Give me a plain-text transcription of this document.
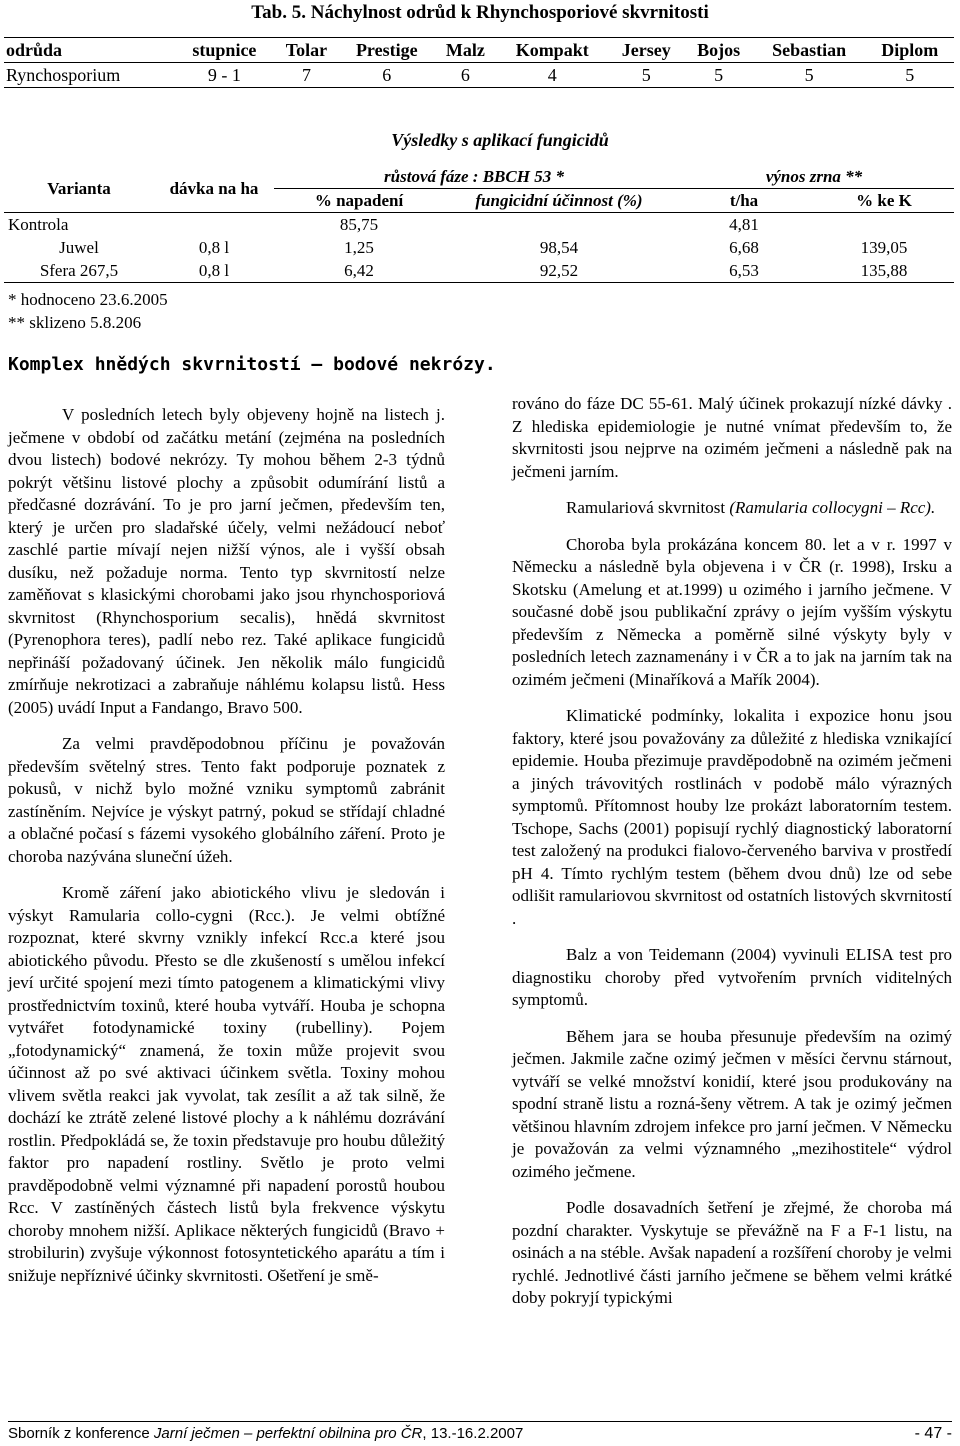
Tab. 5. Náchylnost odrůd k Rhynchosporiové skvrnitosti
odrůda	stupnice	Tolar	Prestige	Malz	Kompakt	Jersey	Bojos	Sebastian	Diplom
Rynchosporium	9 - 1	7	6	6	4	5	5	5	5
Výsledky s aplikací fungicidů
Varianta	dávka na ha	růstová fáze : BBCH 53 *		výnos zrna **	
		% napadení	fungicidní účinnost (%)	t/ha	% ke K
Kontrola		85,75		4,81	
Juwel	0,8 l	1,25	98,54	6,68	139,05
Sfera 267,5	0,8 l	6,42	92,52	6,53	135,88
* hodnoceno 23.6.2005
** sklizeno 5.8.206
Komplex hnědých skvrnitostí – bodové nekrózy.

V posledních letech byly objeveny hojně na listech j. ječmene v období od začátku metání (zejména na posledních dvou listech) bodové nekrózy. Ty mohou během 2-3 týdnů pokrýt většinu listové plochy a způsobit odumírání listů a předčasné dozrávání. To je pro jarní ječmen, především ten, který je určen pro sladařské účely, velmi nežádoucí neboť zaschlé partie mívají nejen nižší výnos, ale i vyšší obsah dusíku, než požaduje norma. Tento typ skvrnitostí nelze zaměňovat s klasickými chorobami jako jsou rhynchosporiová skvrnitost (Rhynchosporium secalis), hnědá skvrnitost (Pyrenophora teres), padlí nebo rez. Také aplikace fungicidů nepřináší požadovaný účinek. Jen několik málo fungicidů zmírňuje nekrotizaci a zabraňuje náhlému kolapsu listů. Hess (2005) uvádí Input a Fandango, Bravo 500.

Za velmi pravděpodobnou příčinu je považován především světelný stres. Tento fakt podporuje poznatek z pokusů, v nichž bylo možné vzniku symptomů zabránit zastíněním. Nejvíce je výskyt patrný, pokud se střídají chladné a oblačné počasí s fázemi vysokého globálního záření. Proto je choroba nazývána sluneční úžeh.

Kromě záření jako abiotického vlivu je sledován i výskyt Ramularia collo-cygni (Rcc.). Je velmi obtížné rozpoznat, které skvrny vznikly infekcí Rcc.a které jsou abiotického původu. Přesto se dle zkušeností s umělou infekcí jeví určité spojení mezi tímto patogenem a klimatickými vlivy prostřednictvím toxinů, které houba vytváří. Houba je schopna vytvářet fotodynamické toxiny (rubelliny). Pojem „fotodynamický“ znamená, že toxin může projevit svou účinnost až po své aktivaci účinkem světla. Toxiny mohou vlivem světla reakci jak vyvolat, tak zesílit a až tak silně, že dochází ke ztrátě zelené listové plochy a k náhlému dozrávání rostlin. Předpokládá se, že toxin představuje pro houbu důležitý faktor pro napadení rostliny. Světlo je proto velmi pravděpodobně velmi významné při napadení porostů houbou Rcc. V zastíněných částech listů byla frekvence výskytu choroby mnohem nižší. Aplikace některých fungicidů (Bravo + strobilurin) zvyšuje výkonnost fotosyntetického aparátu a tím i snižuje nepříznivé účinky skvrnitosti. Ošetření je smě-

rováno do fáze DC 55-61. Malý účinek prokazují nízké dávky . Z hlediska epidemiologie je nutné vnímat především to, že skvrnitosti jsou nejprve na ozimém ječmeni a následně pak na ječmeni jarním.

Ramulariová skvrnitost (Ramularia collocygni – Rcc).

Choroba byla prokázána koncem 80. let a v r. 1997 v Německu a následně byla objevena i v ČR (r. 1998), Irsku a Skotsku (Amelung et at.1999) u ozimého i jarního ječmene. V současné době jsou publikační zprávy o jejím vyšším výskytu především z Německa a poměrně silné výskyty byly v posledních letech zaznamenány i v ČR a to jak na jarním tak na ozimém ječmeni (Minaříková a Mařík 2004).

Klimatické podmínky, lokalita i expozice honu jsou faktory, které jsou považovány za důležité z hlediska vznikající epidemie. Houba přezimuje pravděpodobně na ozimém ječmeni a jiných trávovitých rostlinách v podobě málo výrazných symptomů. Přítomnost houby lze prokázt laboratorním testem. Tschope, Sachs (2001) popisují rychlý diagnostický laboratorní test založený na produkci fialovo-červeného barviva v prostředí pH 4. Tímto rychlým testem (během dvou dnů) lze od sebe odlišit ramulariovou skvrnitost od ostatních listových skvrnitostí .

Balz a von Teidemann (2004) vyvinuli ELISA test pro diagnostiku choroby před vytvořením prvních viditelných symptomů.

Během jara se houba přesunuje především na ozimý ječmen. Jakmile začne ozimý ječmen v měsíci červnu stárnout, vytváří se velké množství konidií, které jsou produkovány na spodní straně listu a rozná-šeny větrem. A tak je ozimý ječmen většinou hlavním zdrojem infekce pro jarní ječmen. V Německu je považován za velmi významného „mezihostitele“ výdrol ozimého ječmene.

Podle dosavadních šetření je zřejmé, že choroba má pozdní charakter. Vyskytuje se převážně na F a F-1 listu, na osinách a na stéble. Avšak napadení a rozšíření choroby je velmi rychlé. Jednotlivé části jarního ječmene se během velmi krátké doby pokryjí typickými

Sborník z konference Jarní ječmen – perfektní obilnina pro ČR, 13.-16.2.2007	- 47 -
